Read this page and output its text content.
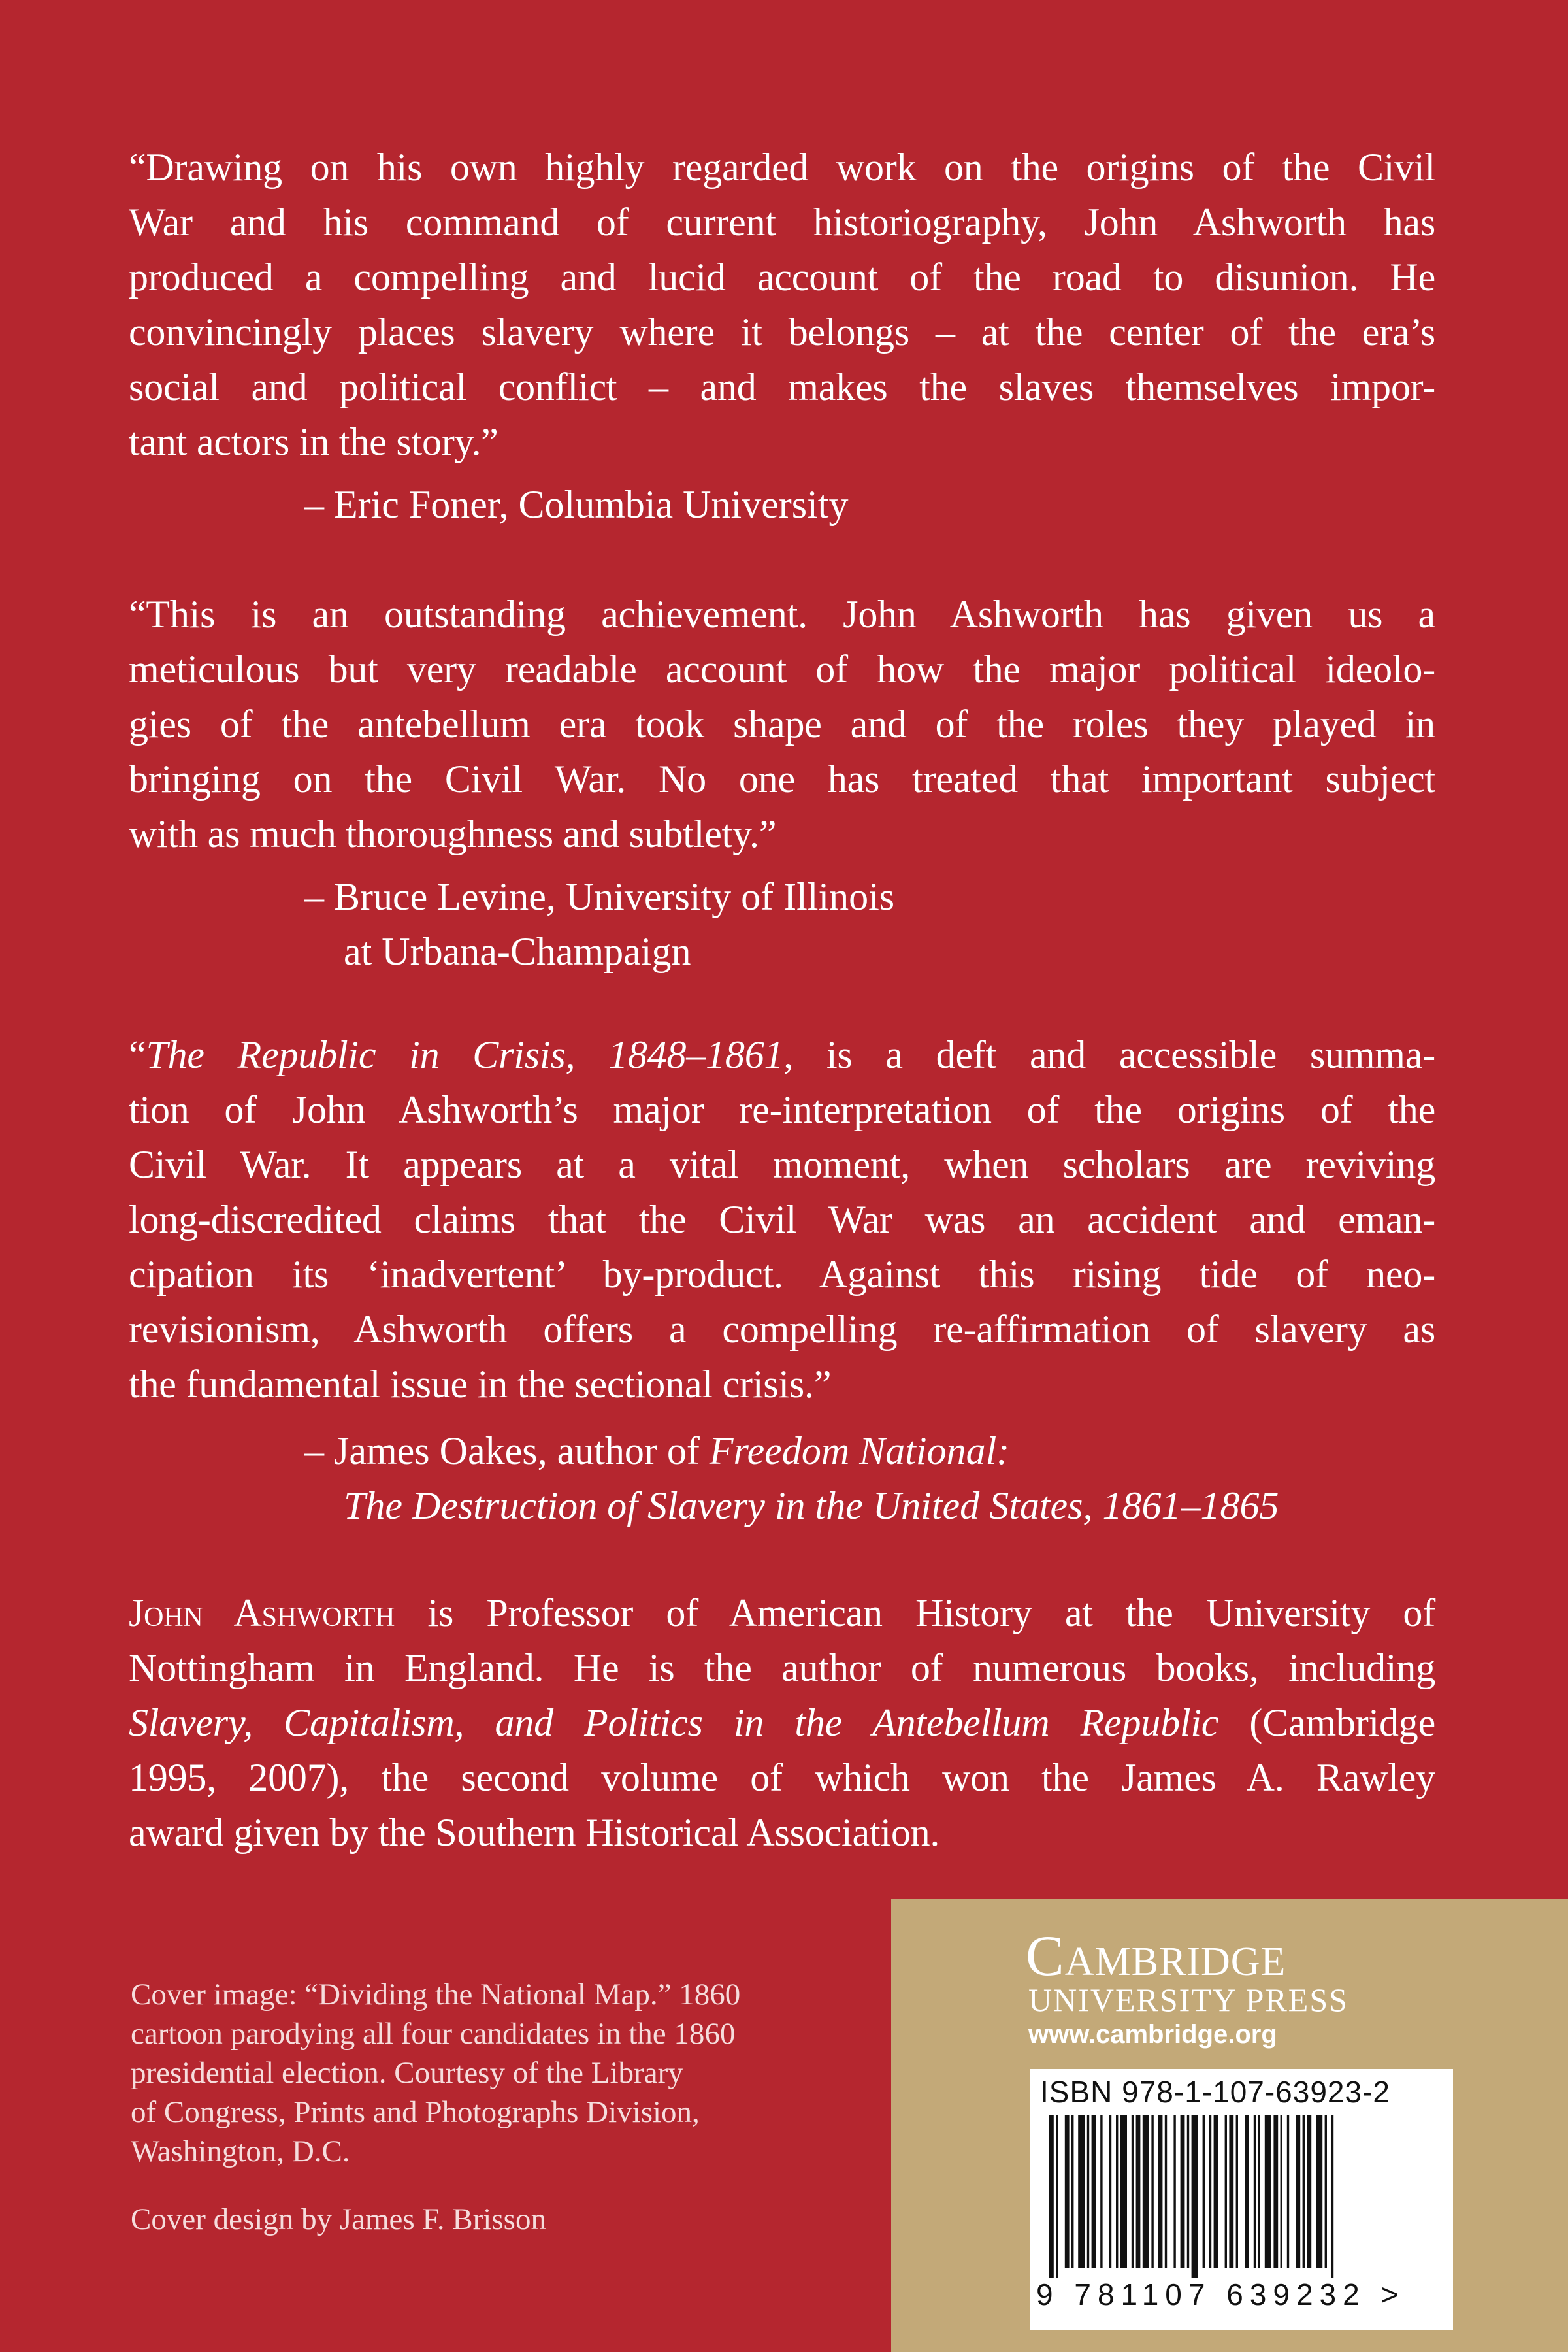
“Drawing on his own highly regarded work on the origins of the Civil
War and his command of current historiography, John Ashworth has
produced a compelling and lucid account of the road to disunion. He
convincingly places slavery where it belongs – at the center of the era’s
social and political conflict – and makes the slaves themselves impor-
tant actors in the story.”
– Eric Foner, Columbia University
“This is an outstanding achievement. John Ashworth has given us a
meticulous but very readable account of how the major political ideolo-
gies of the antebellum era took shape and of the roles they played in
bringing on the Civil War. No one has treated that important subject
with as much thoroughness and subtlety.”
– Bruce Levine, University of Illinois
at Urbana-Champaign
“The Republic in Crisis, 1848–1861, is a deft and accessible summa-
tion of John Ashworth’s major re-interpretation of the origins of the
Civil War. It appears at a vital moment, when scholars are reviving
long-discredited claims that the Civil War was an accident and eman-
cipation its ‘inadvertent’ by-product. Against this rising tide of neo-
revisionism, Ashworth offers a compelling re-affirmation of slavery as
the fundamental issue in the sectional crisis.”
– James Oakes, author of Freedom National:
The Destruction of Slavery in the United States, 1861–1865
John Ashworth is Professor of American History at the University of
Nottingham in England. He is the author of numerous books, including
Slavery, Capitalism, and Politics in the Antebellum Republic (Cambridge
1995, 2007), the second volume of which won the James A. Rawley
award given by the Southern Historical Association.
Cover image: “Dividing the National Map.” 1860
cartoon parodying all four candidates in the 1860
presidential election. Courtesy of the Library
of Congress, Prints and Photographs Division,
Washington, D.C.
Cover design by James F. Brisson
Cambridge
UNIVERSITY PRESS
www.cambridge.org
ISBN 978-1-107-63923-2
9 781107 639232 >
